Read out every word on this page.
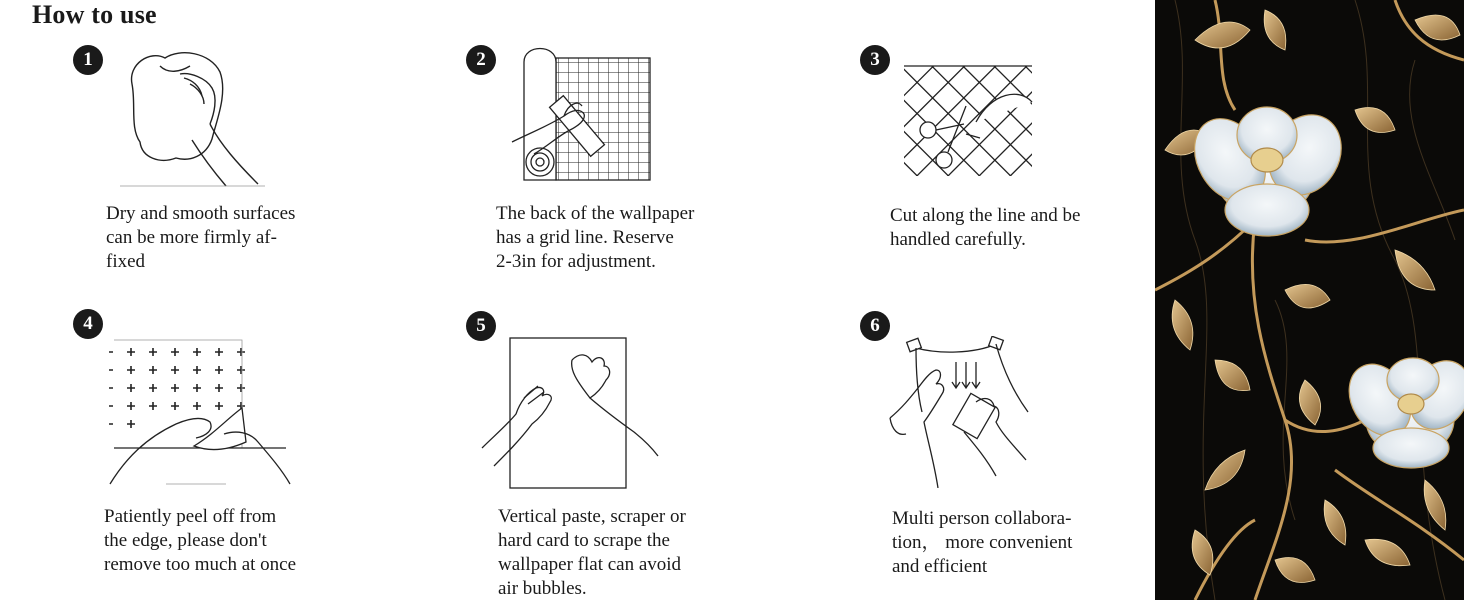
How to use
1
Dry and smooth surfaces
can be more firmly af-
fixed
2
The back of the wallpaper
has a grid line. Reserve
2-3in for adjustment.
3
Cut along the line and be
handled carefully.
4
Patiently peel off from
the edge, please don't
remove too much at once
5
Vertical paste, scraper or
hard card to scrape the
wallpaper flat can avoid
air bubbles.
6
Multi person collabora-
tion， more convenient
and efficient
